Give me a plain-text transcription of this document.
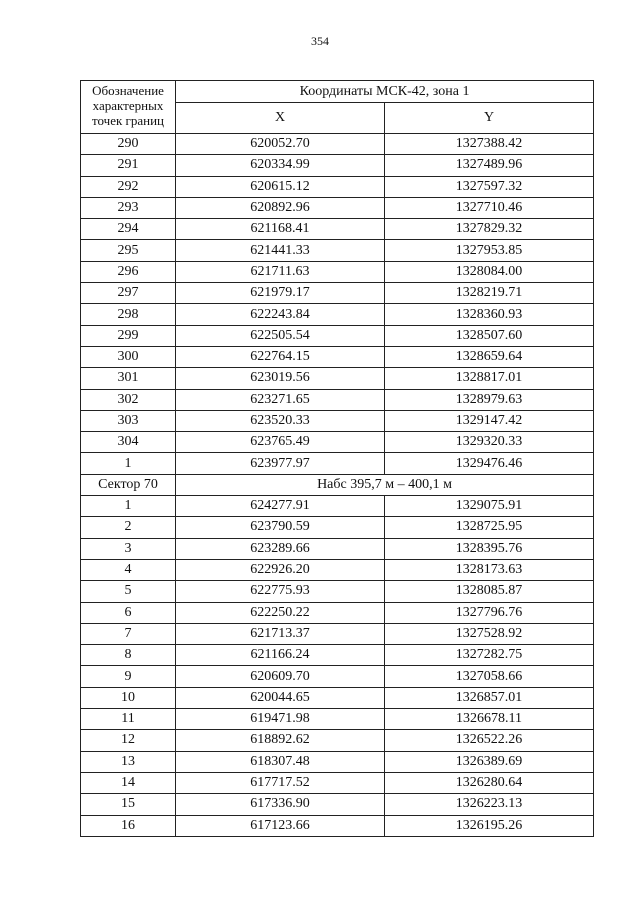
354
Обозначение характерных точек границ	Координаты МСК-42, зона 1	
	X	Y
290	620052.70	1327388.42
291	620334.99	1327489.96
292	620615.12	1327597.32
293	620892.96	1327710.46
294	621168.41	1327829.32
295	621441.33	1327953.85
296	621711.63	1328084.00
297	621979.17	1328219.71
298	622243.84	1328360.93
299	622505.54	1328507.60
300	622764.15	1328659.64
301	623019.56	1328817.01
302	623271.65	1328979.63
303	623520.33	1329147.42
304	623765.49	1329320.33
1	623977.97	1329476.46
Сектор 70	Набс 395,7 м – 400,1 м	
1	624277.91	1329075.91
2	623790.59	1328725.95
3	623289.66	1328395.76
4	622926.20	1328173.63
5	622775.93	1328085.87
6	622250.22	1327796.76
7	621713.37	1327528.92
8	621166.24	1327282.75
9	620609.70	1327058.66
10	620044.65	1326857.01
11	619471.98	1326678.11
12	618892.62	1326522.26
13	618307.48	1326389.69
14	617717.52	1326280.64
15	617336.90	1326223.13
16	617123.66	1326195.26
